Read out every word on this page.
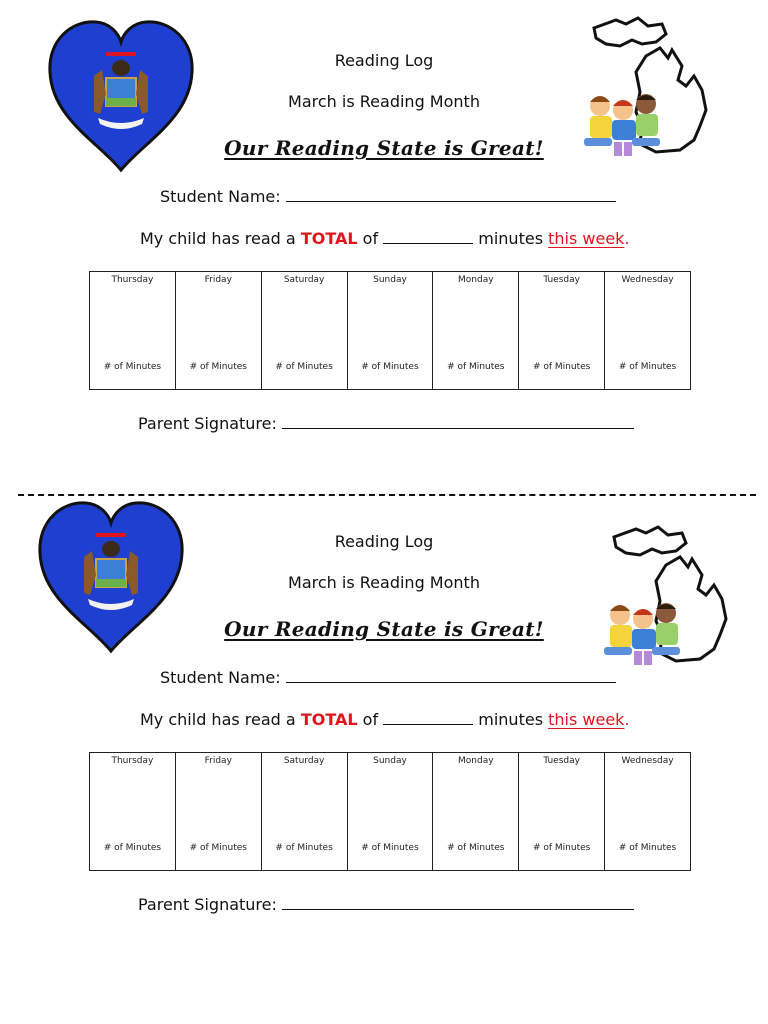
Reading Log
March is Reading Month
Our Reading State is Great!
Student Name:
My child has read a TOTAL of	minutes this week.
Thursday
# of Minutes

Friday
# of Minutes

Saturday
# of Minutes

Sunday
# of Minutes

Monday
# of Minutes

Tuesday
# of Minutes

Wednesday
# of Minutes
Parent Signature:
Reading Log
March is Reading Month
Our Reading State is Great!
Student Name:
My child has read a TOTAL of	minutes this week.
Thursday
# of Minutes

Friday
# of Minutes

Saturday
# of Minutes

Sunday
# of Minutes

Monday
# of Minutes

Tuesday
# of Minutes

Wednesday
# of Minutes
Parent Signature:
